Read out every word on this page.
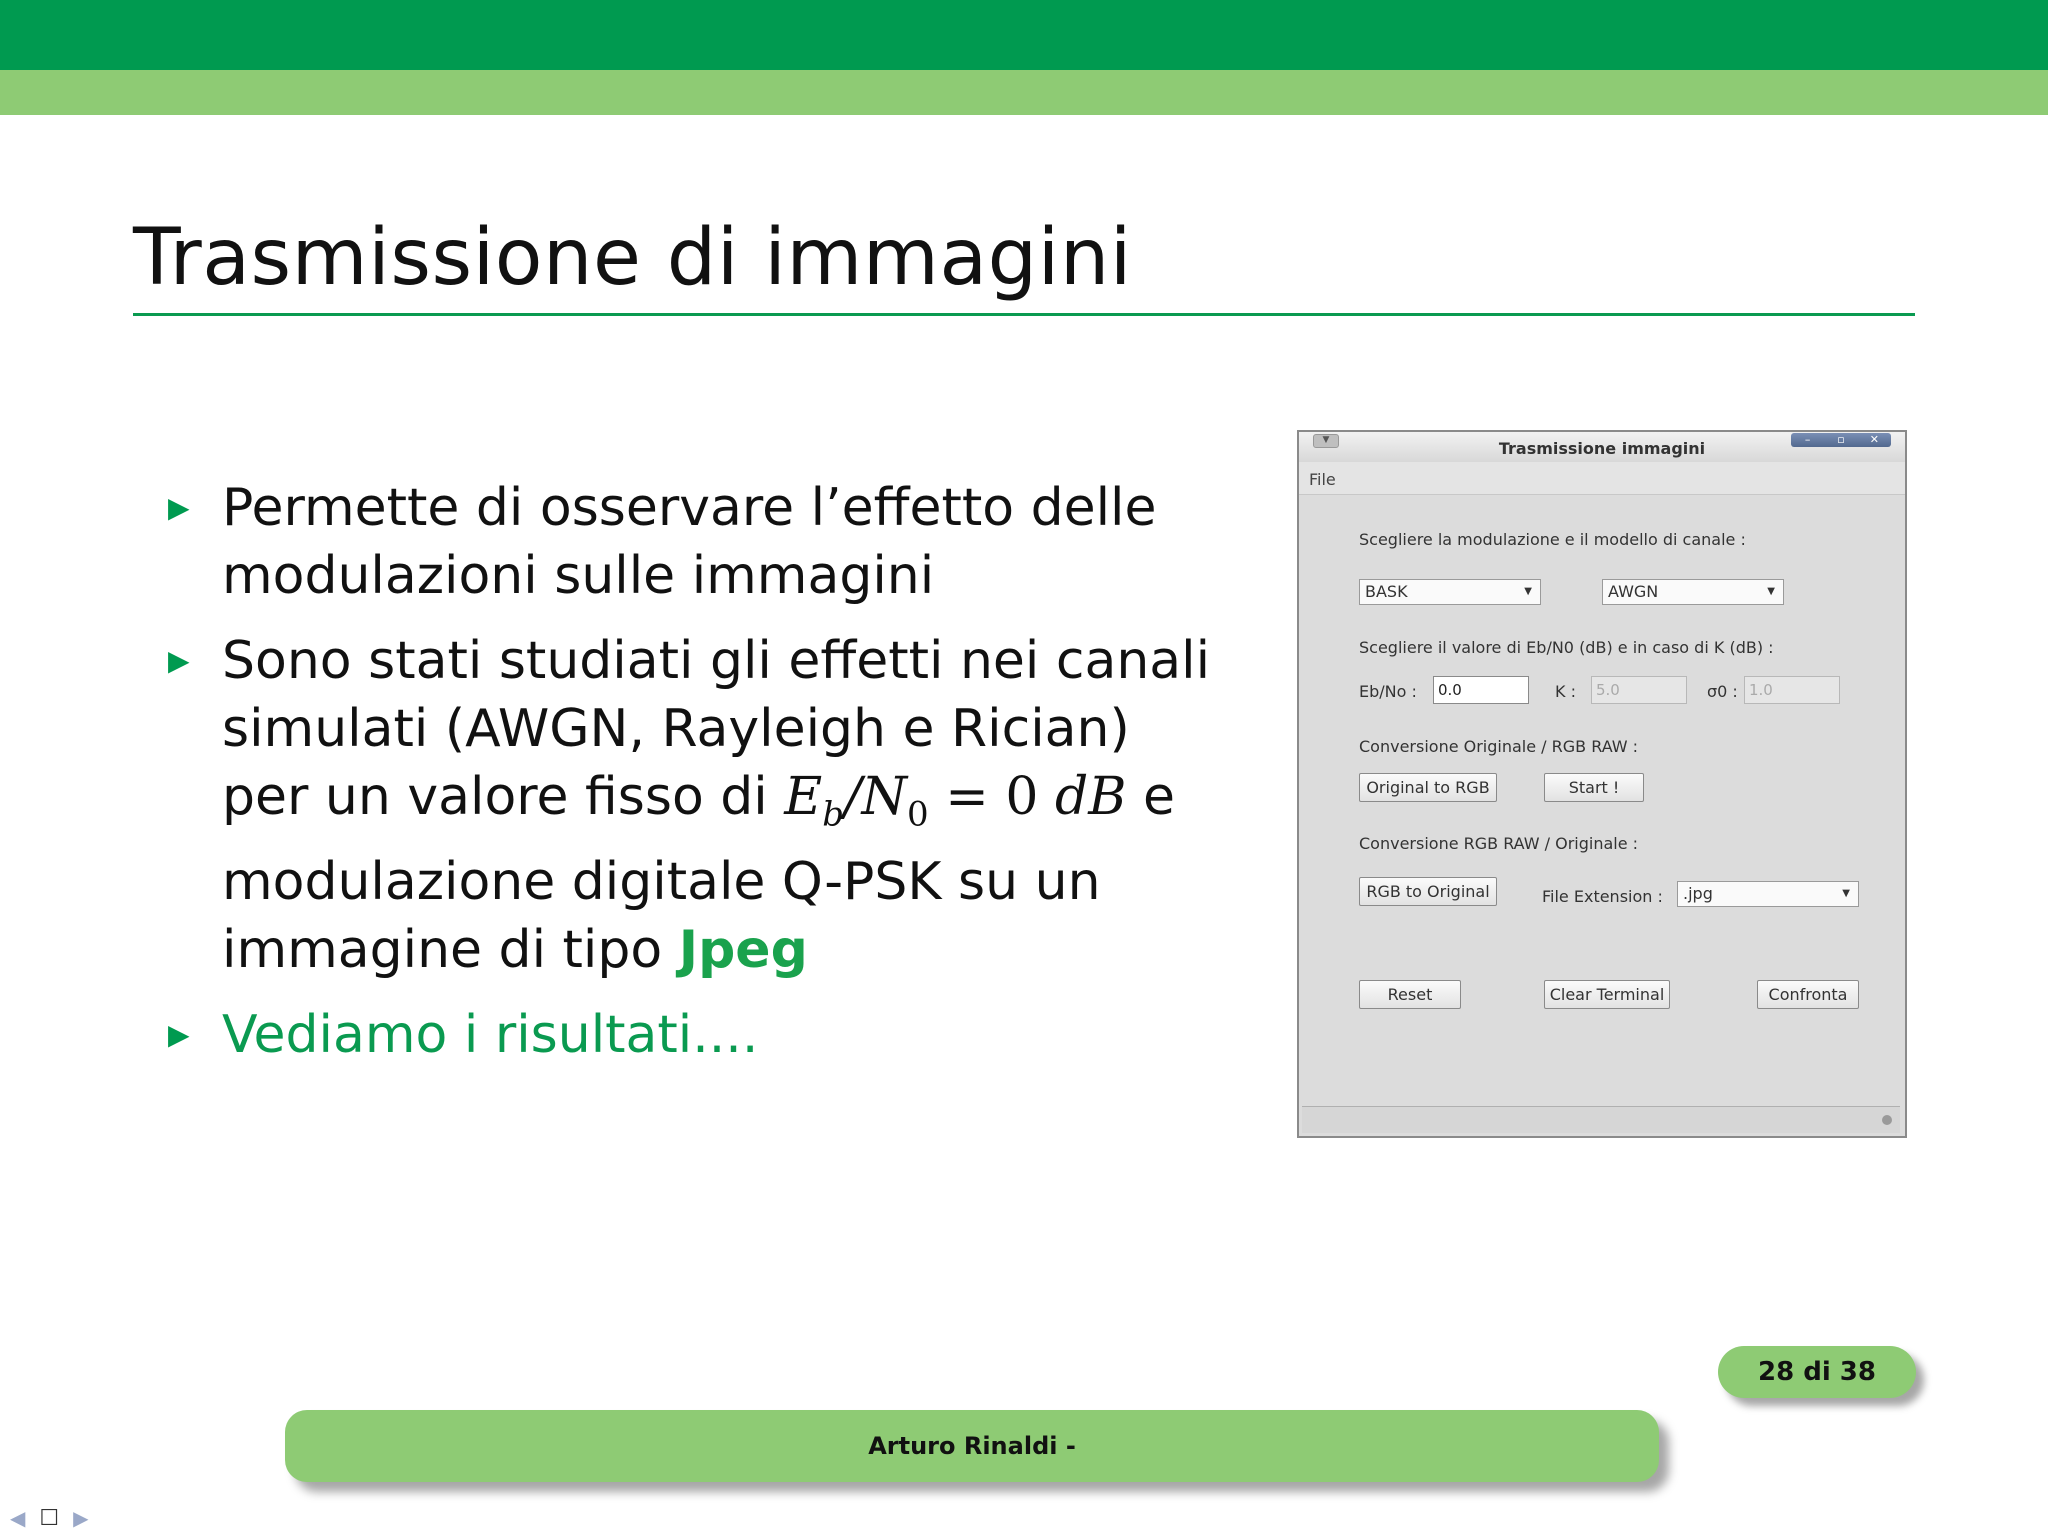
Trasmissione di immagini
▶ Permette di osservare l’effetto delle modulazioni sulle immagini
▶ Sono stati studiati gli effetti nei canali simulati (AWGN, Rayleigh e Rician) per un valore fisso di $E_b/N_0 = 0$ dB e modulazione digitale Q-PSK su un immagine di tipo Jpeg
▶ Vediamo i risultati....
▼	Trasmissione immagini	–	▫	✕
File
Scegliere la modulazione e il modello di canale :
BASK	▼	AWGN	▼
Scegliere il valore di Eb/N0 (dB) e in caso di K (dB) :
Eb/No :	0.0	K :	5.0	σ0 : 1.0
Conversione Originale / RGB RAW :
Original to RGB	Start !
Conversione RGB RAW / Originale :
RGB to Original	File Extension :	.jpg	▼
Reset	Clear Terminal	Confronta
28 di 38
Arturo Rinaldi -
◀ ☐ ▶
